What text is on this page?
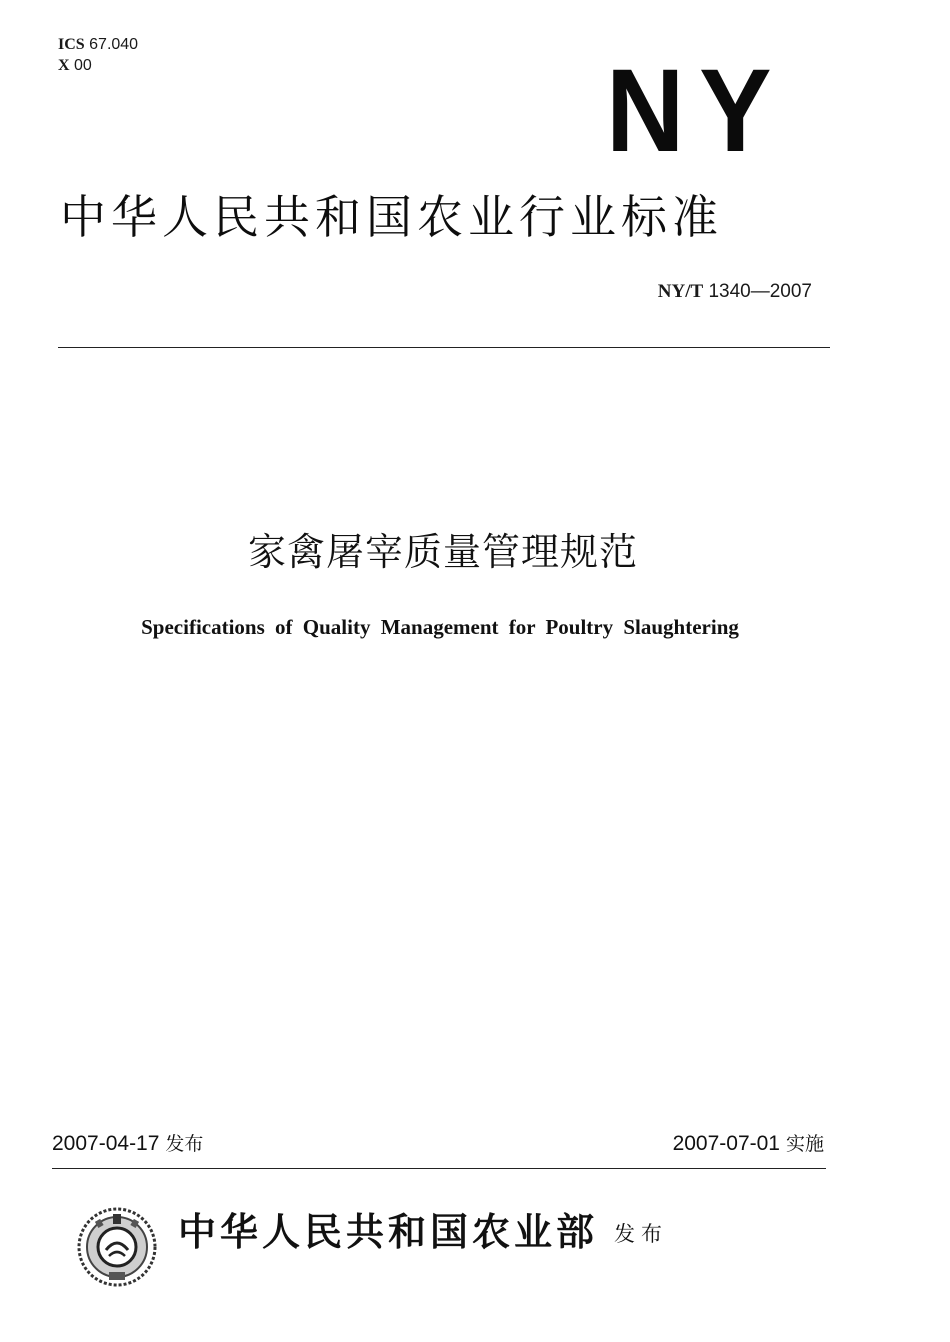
ICS 67.040
X 00	NY
中华人民共和国农业行业标准
NY/T 1340—2007
家禽屠宰质量管理规范
Specifications of Quality Management for Poultry Slaughtering
2007-04-17 发布	2007-07-01 实施
中华人民共和国农业部 发布
